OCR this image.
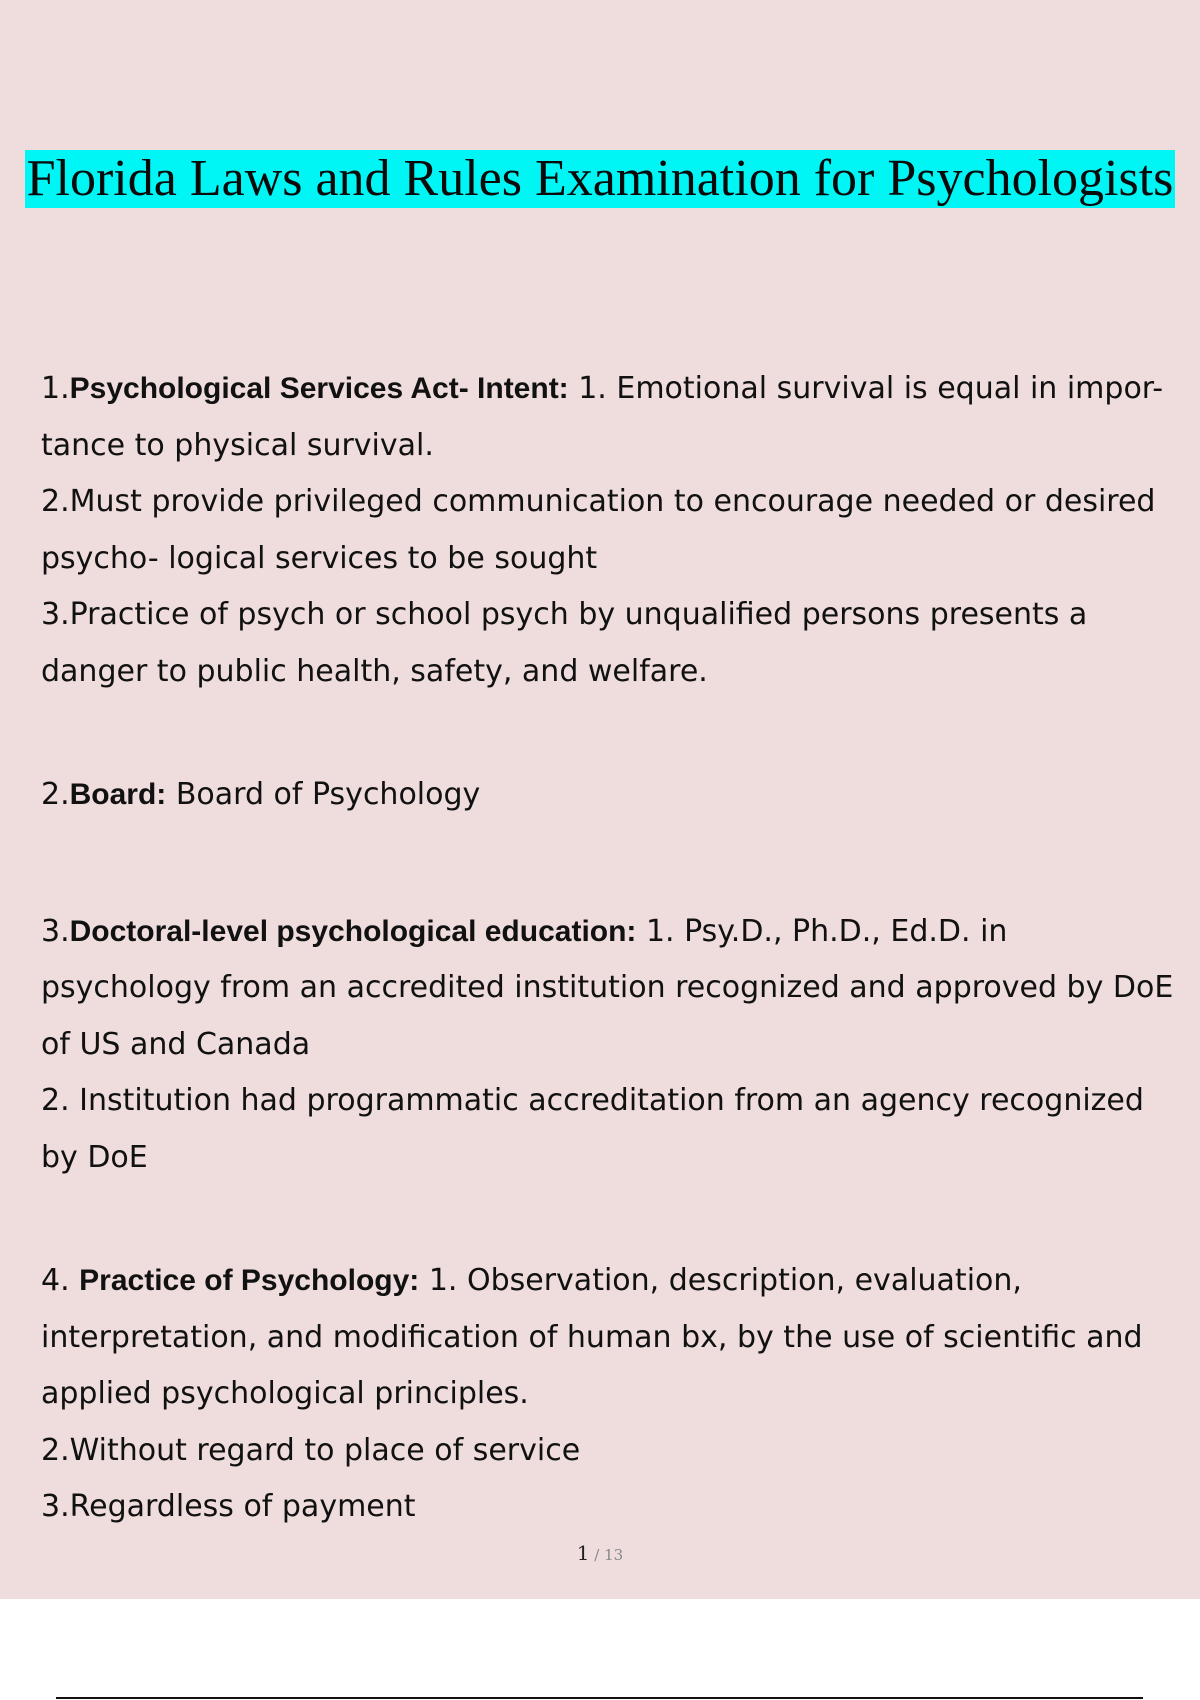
Florida Laws and Rules Examination for Psychologists

1.Psychological Services Act- Intent: 1. Emotional survival is equal in impor- tance to physical survival.

2.Must provide privileged communication to encourage needed or desired psycho- logical services to be sought

3.Practice of psych or school psych by unqualified persons presents a danger to public health, safety, and welfare.

2.Board: Board of Psychology

3.Doctoral-level psychological education: 1. Psy.D., Ph.D., Ed.D. in psychology from an accredited institution recognized and approved by DoE of US and Canada

2. Institution had programmatic accreditation from an agency recognized by DoE

4. Practice of Psychology: 1. Observation, description, evaluation, interpretation, and modification of human bx, by the use of scientific and applied psychological principles.

2.Without regard to place of service

3.Regardless of payment

1 / 13
